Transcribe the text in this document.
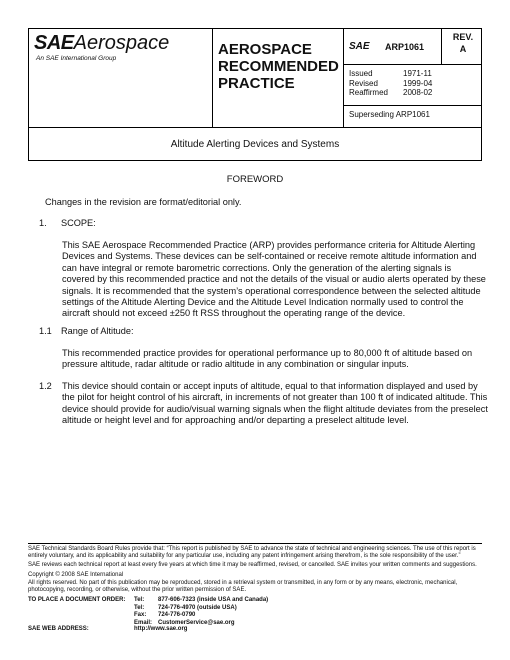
SAEAerospace
An SAE International Group
AEROSPACE
RECOMMENDED
PRACTICE
SAE ARP1061
REV.
A
Issued	1971-11
Revised	1999-04
Reaffirmed 2008-02
Superseding ARP1061
Altitude Alerting Devices and Systems
FOREWORD
Changes in the revision are format/editorial only.
1. SCOPE:
This SAE Aerospace Recommended Practice (ARP) provides performance criteria for Altitude Alerting Devices and Systems. These devices can be self-contained or receive remote altitude information and can have integral or remote barometric corrections. Only the generation of the alerting signals is covered by this recommended practice and not the details of the visual or audio alerts operated by these signals. It is recommended that the system’s operational correspondence between the selected altitude settings of the Altitude Alerting Device and the Altitude Level Indication normally used to control the aircraft should not exceed ±250 ft RSS throughout the operating range of the device.
1.1 Range of Altitude:
This recommended practice provides for operational performance up to 80,000 ft of altitude based on pressure altitude, radar altitude or radio altitude in any combination or singular inputs.
1.2 This device should contain or accept inputs of altitude, equal to that information displayed and used by the pilot for height control of his aircraft, in increments of not greater than 100 ft of indicated altitude. This device should provide for audio/visual warning signals when the flight altitude deviates from the preselect altitude or height level and for approaching and/or departing a preselect altitude level.
SAE Technical Standards Board Rules provide that: “This report is published by SAE to advance the state of technical and engineering sciences. The use of this report is entirely voluntary, and its applicability and suitability for any particular use, including any patent infringement arising therefrom, is the sole responsibility of the user.”
SAE reviews each technical report at least every five years at which time it may be reaffirmed, revised, or cancelled. SAE invites your written comments and suggestions.
Copyright © 2008 SAE International
All rights reserved. No part of this publication may be reproduced, stored in a retrieval system or transmitted, in any form or by any means, electronic, mechanical, photocopying, recording, or otherwise, without the prior written permission of SAE.
TO PLACE A DOCUMENT ORDER: Tel: 877-606-7323 (inside USA and Canada)
Tel: 724-776-4970 (outside USA)
Fax: 724-776-0790
Email: CustomerService@sae.org
SAE WEB ADDRESS:	http://www.sae.org
